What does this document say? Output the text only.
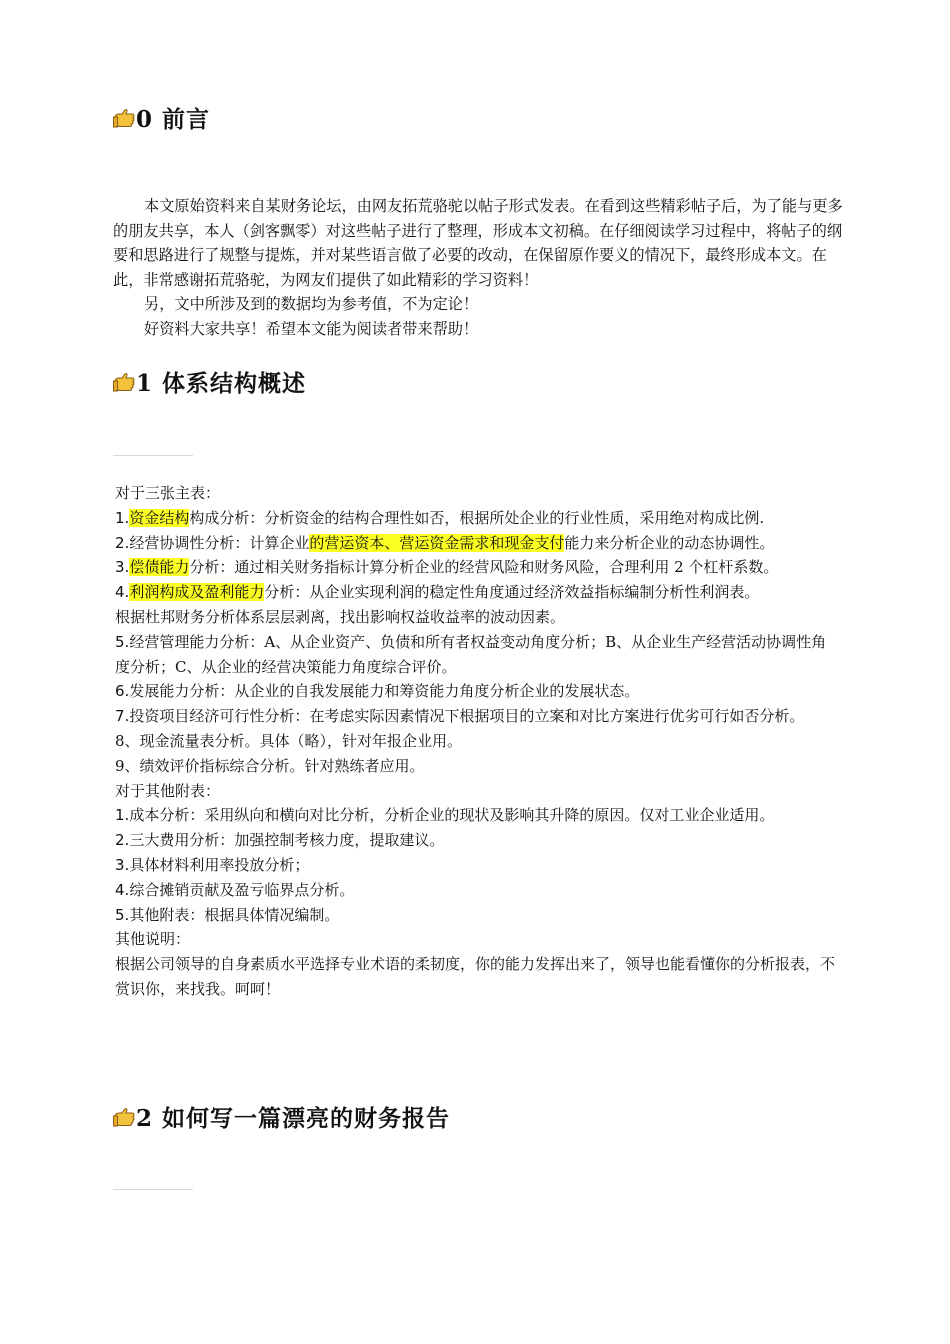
0 前言

本文原始资料来自某财务论坛，由网友拓荒骆驼以帖子形式发表。在看到这些精彩帖子后，为了能与更多的朋友共享，本人（剑客飘零）对这些帖子进行了整理，形成本文初稿。在仔细阅读学习过程中，将帖子的纲要和思路进行了规整与提炼，并对某些语言做了必要的改动，在保留原作要义的情况下，最终形成本文。在此，非常感谢拓荒骆驼，为网友们提供了如此精彩的学习资料！

另，文中所涉及到的数据均为参考值，不为定论！

好资料大家共享！希望本文能为阅读者带来帮助！

1 体系结构概述

对于三张主表：

1.资金结构构成分析：分析资金的结构合理性如否，根据所处企业的行业性质，采用绝对构成比例.

2.经营协调性分析：计算企业的营运资本、营运资金需求和现金支付能力来分析企业的动态协调性。

3.偿债能力分析：通过相关财务指标计算分析企业的经营风险和财务风险，合理利用 2 个杠杆系数。

4.利润构成及盈利能力分析：从企业实现利润的稳定性角度通过经济效益指标编制分析性利润表。

根据杜邦财务分析体系层层剥离，找出影响权益收益率的波动因素。

5.经营管理能力分析：A、从企业资产、负债和所有者权益变动角度分析；B、从企业生产经营活动协调性角度分析；C、从企业的经营决策能力角度综合评价。

6.发展能力分析：从企业的自我发展能力和筹资能力角度分析企业的发展状态。

7.投资项目经济可行性分析：在考虑实际因素情况下根据项目的立案和对比方案进行优劣可行如否分析。

8、现金流量表分析。具体（略），针对年报企业用。

9、绩效评价指标综合分析。针对熟练者应用。

对于其他附表：

1.成本分析：采用纵向和横向对比分析，分析企业的现状及影响其升降的原因。仅对工业企业适用。

2.三大费用分析：加强控制考核力度，提取建议。

3.具体材料利用率投放分析；

4.综合摊销贡献及盈亏临界点分析。

5.其他附表：根据具体情况编制。

其他说明：

根据公司领导的自身素质水平选择专业术语的柔韧度，你的能力发挥出来了，领导也能看懂你的分析报表，不赏识你，来找我。呵呵！

2 如何写一篇漂亮的财务报告
